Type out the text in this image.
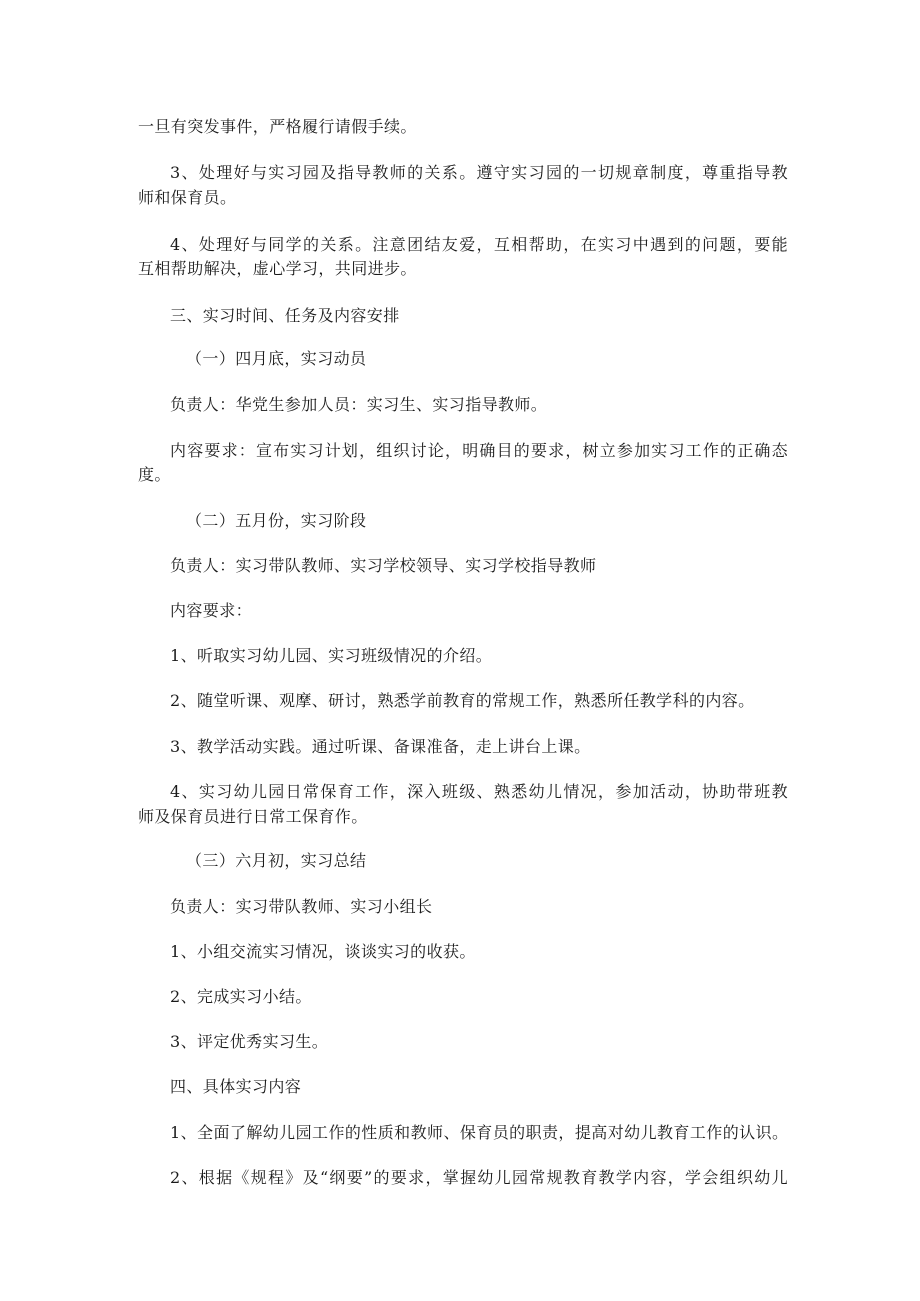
一旦有突发事件，严格履行请假手续。

3、处理好与实习园及指导教师的关系。遵守实习园的一切规章制度，尊重指导教

师和保育员。

4、处理好与同学的关系。注意团结友爱，互相帮助，在实习中遇到的问题，要能

互相帮助解决，虚心学习，共同进步。

三、实习时间、任务及内容安排

（一）四月底，实习动员

负责人：华党生参加人员：实习生、实习指导教师。

内容要求：宣布实习计划，组织讨论，明确目的要求，树立参加实习工作的正确态

度。

（二）五月份，实习阶段

负责人：实习带队教师、实习学校领导、实习学校指导教师

内容要求：

1、听取实习幼儿园、实习班级情况的介绍。

2、随堂听课、观摩、研讨，熟悉学前教育的常规工作，熟悉所任教学科的内容。

3、教学活动实践。通过听课、备课准备，走上讲台上课。

4、实习幼儿园日常保育工作，深入班级、熟悉幼儿情况，参加活动，协助带班教

师及保育员进行日常工保育作。

（三）六月初，实习总结

负责人：实习带队教师、实习小组长

1、小组交流实习情况，谈谈实习的收获。

2、完成实习小结。

3、评定优秀实习生。

四、具体实习内容

1、全面了解幼儿园工作的性质和教师、保育员的职责，提高对幼儿教育工作的认识。

2、根据《规程》及“纲要”的要求，掌握幼儿园常规教育教学内容，学会组织幼儿
